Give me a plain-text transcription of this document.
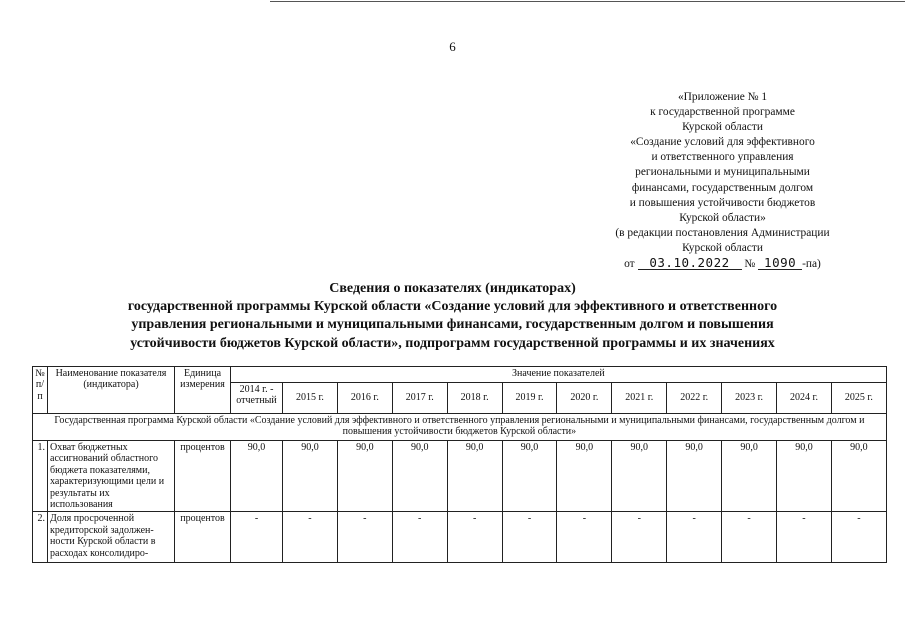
6
«Приложение № 1
к государственной программе
Курской области
«Создание условий для эффективного
и ответственного управления
региональными и муниципальными
финансами, государственным долгом
и повышения устойчивости бюджетов
Курской области»
(в редакции постановления Администрации
Курской области
от 03.10.2022 № 1090 -па)
Сведения о показателях (индикаторах)
государственной программы Курской области «Создание условий для эффективного и ответственного
управления региональными и муниципальными финансами, государственным долгом и повышения
устойчивости бюджетов Курской области», подпрограмм государственной программы и их значениях
№ п/п	Наименование показателя (индикатора)	Единица измерения	Значение показателей											
			2014 г. - отчетный	2015 г.	2016 г.	2017 г.	2018 г.	2019 г.	2020 г.	2021 г.	2022 г.	2023 г.	2024 г.	2025 г.
Государственная программа Курской области «Создание условий для эффективного и ответственного управления региональными и муниципальными финансами, государственным долгом и повышения устойчивости бюджетов Курской области»														
1.	Охват бюджетных ассигнований областного бюджета показателями, характеризующими цели и результаты их использования	процентов	90,0	90,0	90,0	90,0	90,0	90,0	90,0	90,0	90,0	90,0	90,0	90,0
2.	Доля просроченной кредиторской задолжен-ности Курской области в расходах консолидиро-	процентов	-	-	-	-	-	-	-	-	-	-	-	-
